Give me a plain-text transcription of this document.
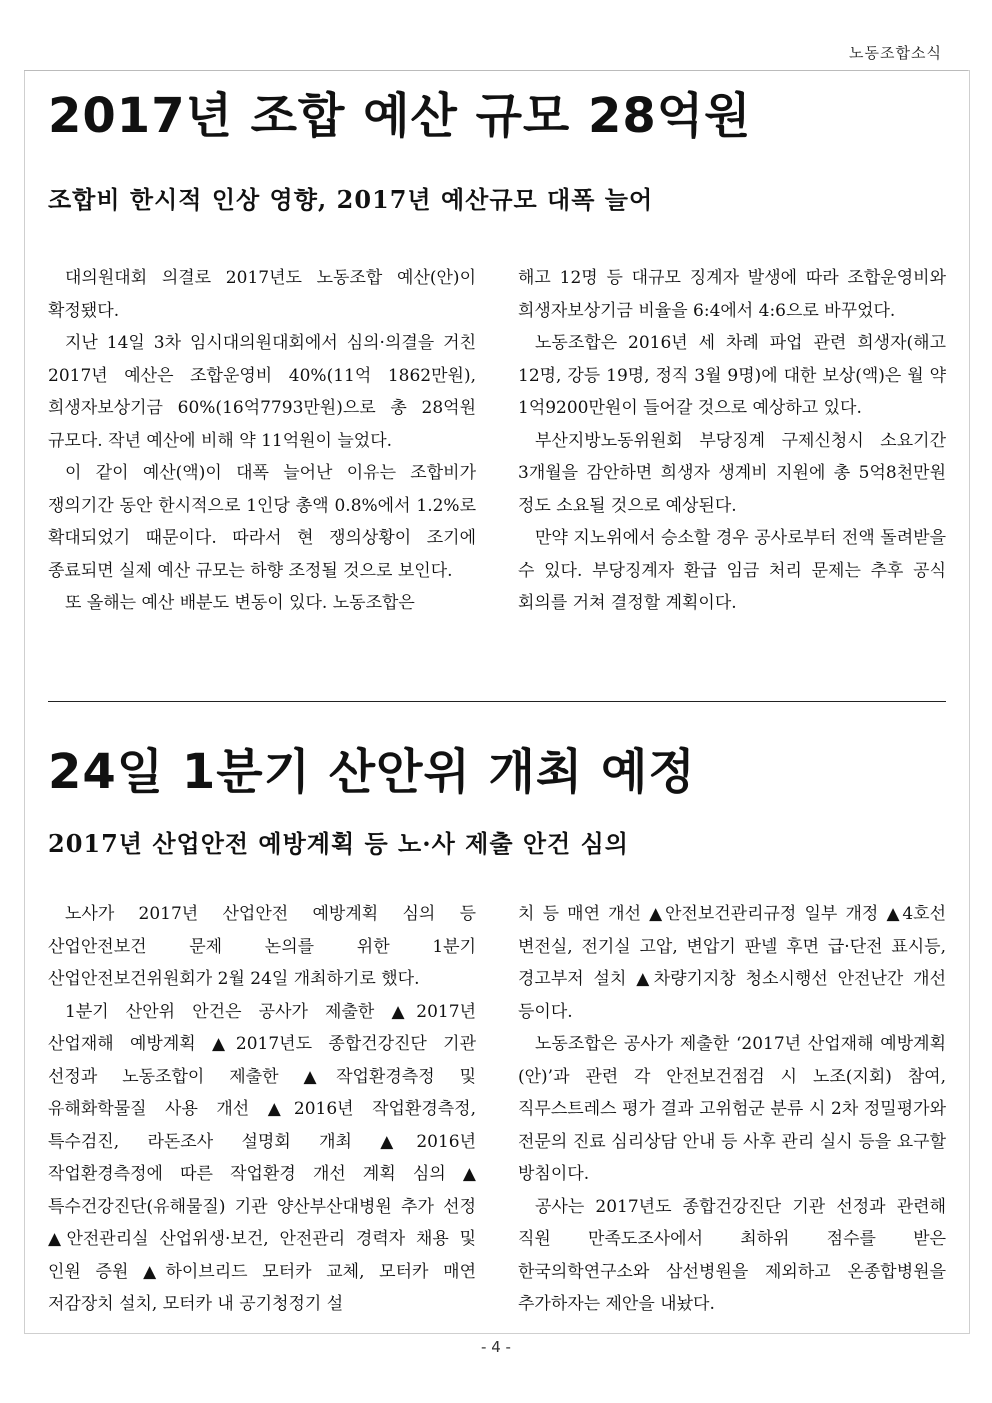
노동조합소식
2017년 조합 예산 규모 28억원
조합비 한시적 인상 영향, 2017년 예산규모 대폭 늘어

대의원대회 의결로 2017년도 노동조합 예산(안)이 확정됐다.

지난 14일 3차 임시대의원대회에서 심의·의결을 거친 2017년 예산은 조합운영비 40%(11억 1862만원), 희생자보상기금 60%(16억7793만원)으로 총 28억원 규모다. 작년 예산에 비해 약 11억원이 늘었다.

이 같이 예산(액)이 대폭 늘어난 이유는 조합비가 쟁의기간 동안 한시적으로 1인당 총액 0.8%에서 1.2%로 확대되었기 때문이다. 따라서 현 쟁의상황이 조기에 종료되면 실제 예산 규모는 하향 조정될 것으로 보인다.

또 올해는 예산 배분도 변동이 있다. 노동조합은

해고 12명 등 대규모 징계자 발생에 따라 조합운영비와 희생자보상기금 비율을 6:4에서 4:6으로 바꾸었다.

노동조합은 2016년 세 차례 파업 관련 희생자(해고 12명, 강등 19명, 정직 3월 9명)에 대한 보상(액)은 월 약 1억9200만원이 들어갈 것으로 예상하고 있다.

부산지방노동위원회 부당징계 구제신청시 소요기간 3개월을 감안하면 희생자 생계비 지원에 총 5억8천만원 정도 소요될 것으로 예상된다.

만약 지노위에서 승소할 경우 공사로부터 전액 돌려받을 수 있다. 부당징계자 환급 임금 처리 문제는 추후 공식 회의를 거쳐 결정할 계획이다.

24일 1분기 산안위 개최 예정
2017년 산업안전 예방계획 등 노·사 제출 안건 심의

노사가 2017년 산업안전 예방계획 심의 등 산업안전보건 문제 논의를 위한 1분기 산업안전보건위원회가 2월 24일 개최하기로 했다.

1분기 산안위 안건은 공사가 제출한 ▲2017년 산업재해 예방계획 ▲2017년도 종합건강진단 기관 선정과 노동조합이 제출한 ▲작업환경측정 및 유해화학물질 사용 개선 ▲2016년 작업환경측정, 특수검진, 라돈조사 설명회 개최 ▲2016년 작업환경측정에 따른 작업환경 개선 계획 심의 ▲특수건강진단(유해물질) 기관 양산부산대병원 추가 선정 ▲안전관리실 산업위생·보건, 안전관리 경력자 채용 및 인원 증원 ▲하이브리드 모터카 교체, 모터카 매연 저감장치 설치, 모터카 내 공기청정기 설

치 등 매연 개선 ▲안전보건관리규정 일부 개정 ▲4호선 변전실, 전기실 고압, 변압기 판넬 후면 급·단전 표시등, 경고부저 설치 ▲차량기지창 청소시행선 안전난간 개선 등이다.

노동조합은 공사가 제출한 ‘2017년 산업재해 예방계획(안)’과 관련 각 안전보건점검 시 노조(지회) 참여, 직무스트레스 평가 결과 고위험군 분류 시 2차 정밀평가와 전문의 진료 심리상담 안내 등 사후 관리 실시 등을 요구할 방침이다.

공사는 2017년도 종합건강진단 기관 선정과 관련해 직원 만족도조사에서 최하위 점수를 받은 한국의학연구소와 삼선병원을 제외하고 온종합병원을 추가하자는 제안을 내놨다.

- 4 -
